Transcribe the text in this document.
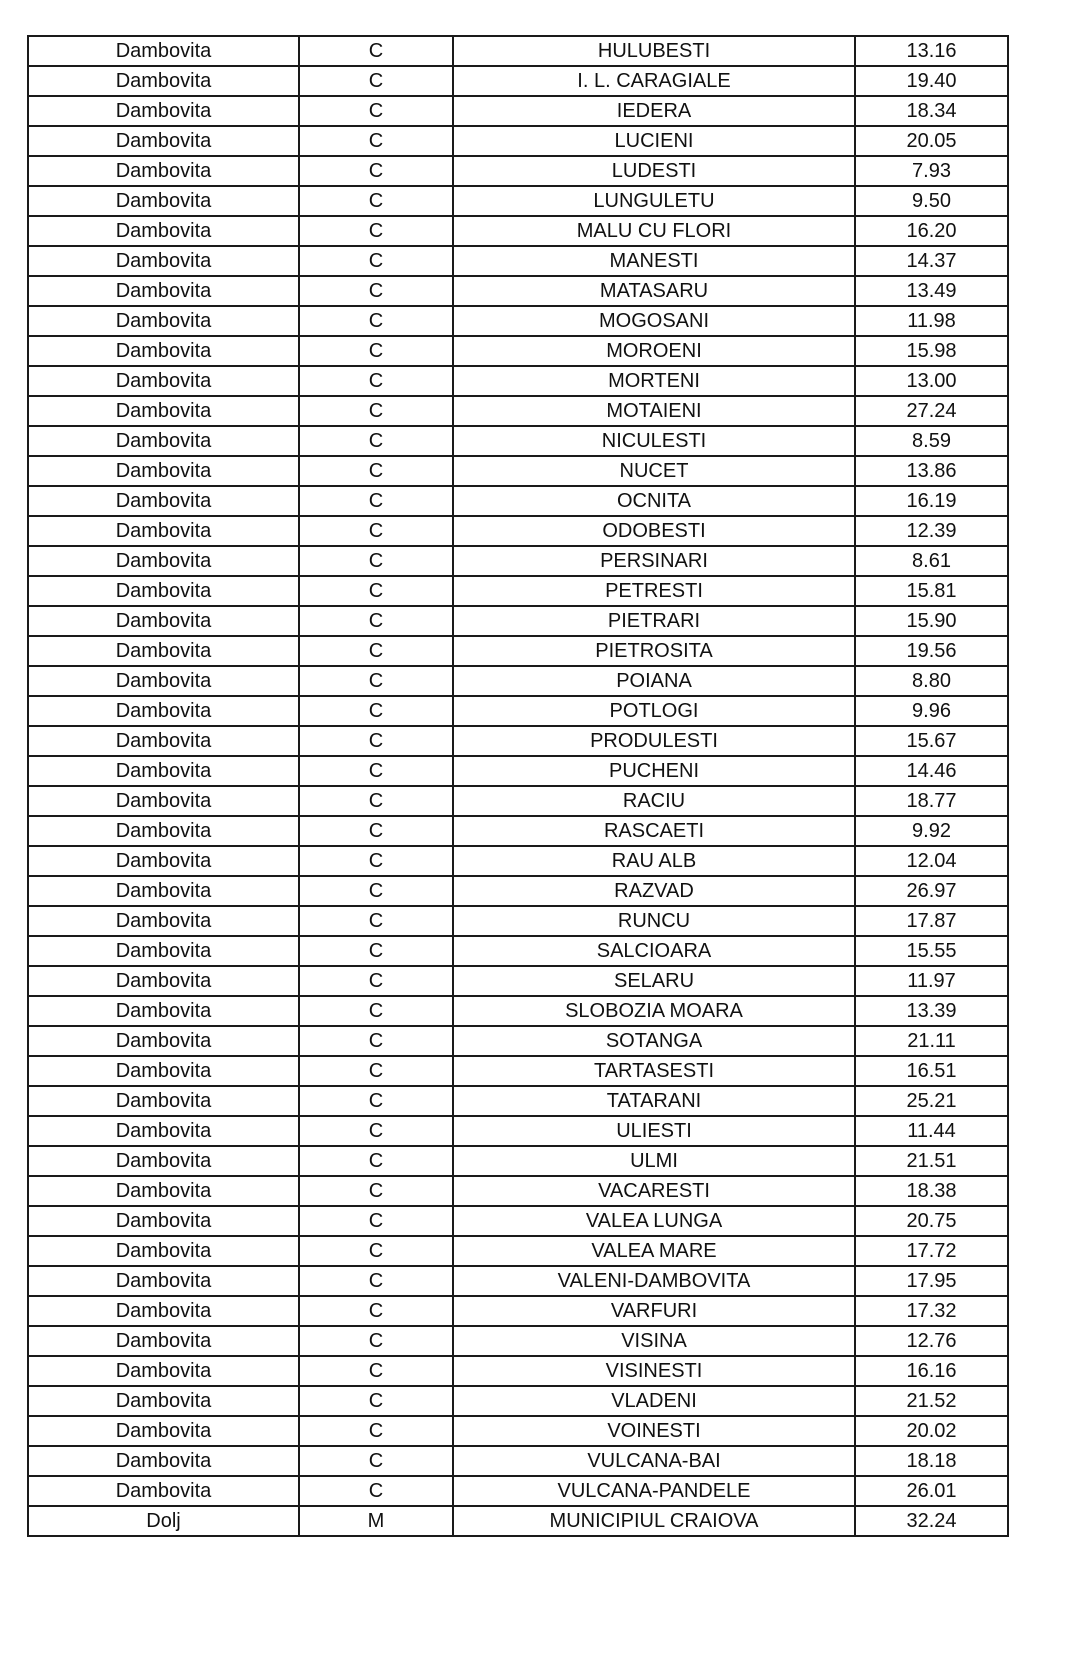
Dambovita	C	HULUBESTI	13.16
Dambovita	C	I. L. CARAGIALE	19.40
Dambovita	C	IEDERA	18.34
Dambovita	C	LUCIENI	20.05
Dambovita	C	LUDESTI	7.93
Dambovita	C	LUNGULETU	9.50
Dambovita	C	MALU CU FLORI	16.20
Dambovita	C	MANESTI	14.37
Dambovita	C	MATASARU	13.49
Dambovita	C	MOGOSANI	11.98
Dambovita	C	MOROENI	15.98
Dambovita	C	MORTENI	13.00
Dambovita	C	MOTAIENI	27.24
Dambovita	C	NICULESTI	8.59
Dambovita	C	NUCET	13.86
Dambovita	C	OCNITA	16.19
Dambovita	C	ODOBESTI	12.39
Dambovita	C	PERSINARI	8.61
Dambovita	C	PETRESTI	15.81
Dambovita	C	PIETRARI	15.90
Dambovita	C	PIETROSITA	19.56
Dambovita	C	POIANA	8.80
Dambovita	C	POTLOGI	9.96
Dambovita	C	PRODULESTI	15.67
Dambovita	C	PUCHENI	14.46
Dambovita	C	RACIU	18.77
Dambovita	C	RASCAETI	9.92
Dambovita	C	RAU ALB	12.04
Dambovita	C	RAZVAD	26.97
Dambovita	C	RUNCU	17.87
Dambovita	C	SALCIOARA	15.55
Dambovita	C	SELARU	11.97
Dambovita	C	SLOBOZIA MOARA	13.39
Dambovita	C	SOTANGA	21.11
Dambovita	C	TARTASESTI	16.51
Dambovita	C	TATARANI	25.21
Dambovita	C	ULIESTI	11.44
Dambovita	C	ULMI	21.51
Dambovita	C	VACARESTI	18.38
Dambovita	C	VALEA LUNGA	20.75
Dambovita	C	VALEA MARE	17.72
Dambovita	C	VALENI-DAMBOVITA	17.95
Dambovita	C	VARFURI	17.32
Dambovita	C	VISINA	12.76
Dambovita	C	VISINESTI	16.16
Dambovita	C	VLADENI	21.52
Dambovita	C	VOINESTI	20.02
Dambovita	C	VULCANA-BAI	18.18
Dambovita	C	VULCANA-PANDELE	26.01
Dolj	M	MUNICIPIUL CRAIOVA	32.24
